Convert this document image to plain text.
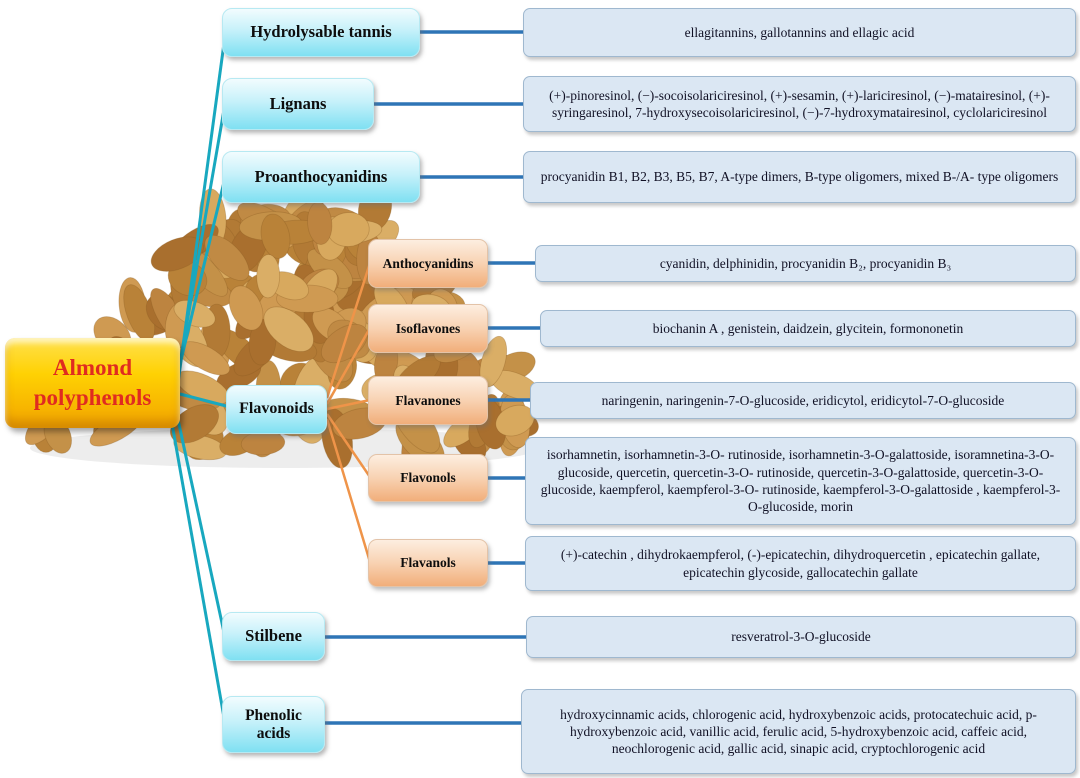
Almond polyphenols
Hydrolysable tannis
Lignans
Proanthocyanidins
Flavonoids
Stilbene
Phenolic acids
Anthocyanidins
Isoflavones
Flavanones
Flavonols
Flavanols
ellagitannins, gallotannins and ellagic acid
(+)-pinoresinol, (−)-socoisolariciresinol, (+)-sesamin, (+)-lariciresinol, (−)-matairesinol, (+)- syringaresinol, 7-hydroxysecoisolariciresinol, (−)-7-hydroxymatairesinol, cyclolariciresinol
procyanidin B1, B2, B3, B5, B7, A-type dimers, B-type oligomers, mixed B-/A- type oligomers
cyanidin, delphinidin, procyanidin B₂, procyanidin B₃
biochanin A , genistein, daidzein, glycitein, formononetin
naringenin, naringenin-7-O-glucoside, eridicytol, eridicytol-7-O-glucoside
isorhamnetin, isorhamnetin-3-O- rutinoside, isorhamnetin-3-O-galattoside, isoramnetina-3-O-glucoside, quercetin, quercetin-3-O- rutinoside, quercetin-3-O-galattoside, quercetin-3-O-glucoside, kaempferol, kaempferol-3-O- rutinoside, kaempferol-3-O-galattoside , kaempferol-3-O-glucoside, morin
(+)-catechin , dihydrokaempferol, (-)-epicatechin, dihydroquercetin , epicatechin gallate, epicatechin glycoside, gallocatechin gallate
resveratrol-3-O-glucoside
hydroxycinnamic acids, chlorogenic acid, hydroxybenzoic acids, protocatechuic acid, p-hydroxybenzoic acid, vanillic acid, ferulic acid, 5-hydroxybenzoic acid, caffeic acid, neochlorogenic acid, gallic acid, sinapic acid, cryptochlorogenic acid
